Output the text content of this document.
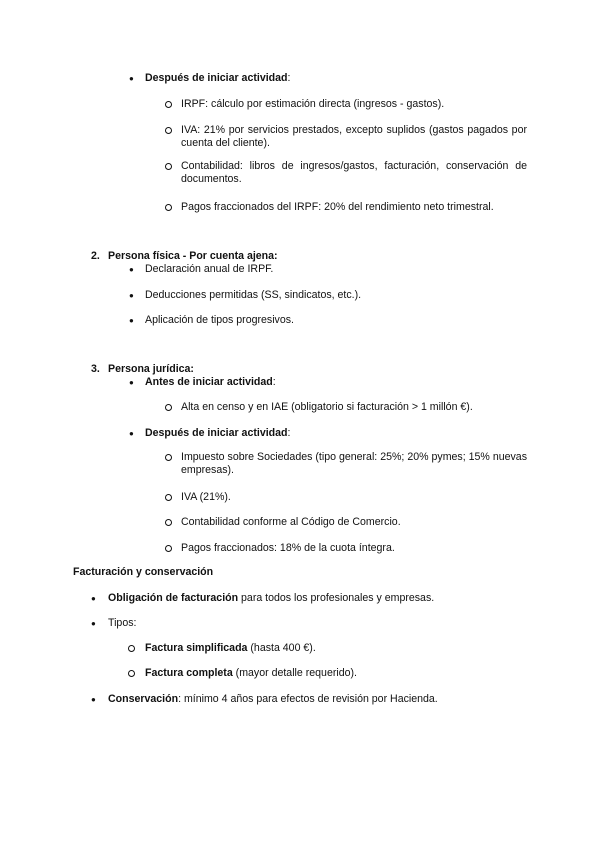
● Después de iniciar actividad:
IRPF: cálculo por estimación directa (ingresos - gastos).
IVA: 21% por servicios prestados, excepto suplidos (gastos pagados por cuenta del cliente).
Contabilidad: libros de ingresos/gastos, facturación, conservación de documentos.
Pagos fraccionados del IRPF: 20% del rendimiento neto trimestral.
2. Persona física - Por cuenta ajena:
● Declaración anual de IRPF.
● Deducciones permitidas (SS, sindicatos, etc.).
● Aplicación de tipos progresivos.
3. Persona jurídica:
● Antes de iniciar actividad:
Alta en censo y en IAE (obligatorio si facturación > 1 millón €).
● Después de iniciar actividad:
Impuesto sobre Sociedades (tipo general: 25%; 20% pymes; 15% nuevas empresas).
IVA (21%).
Contabilidad conforme al Código de Comercio.
Pagos fraccionados: 18% de la cuota íntegra.
Facturación y conservación
● Obligación de facturación para todos los profesionales y empresas.
● Tipos:
Factura simplificada (hasta 400 €).
Factura completa (mayor detalle requerido).
● Conservación: mínimo 4 años para efectos de revisión por Hacienda.
